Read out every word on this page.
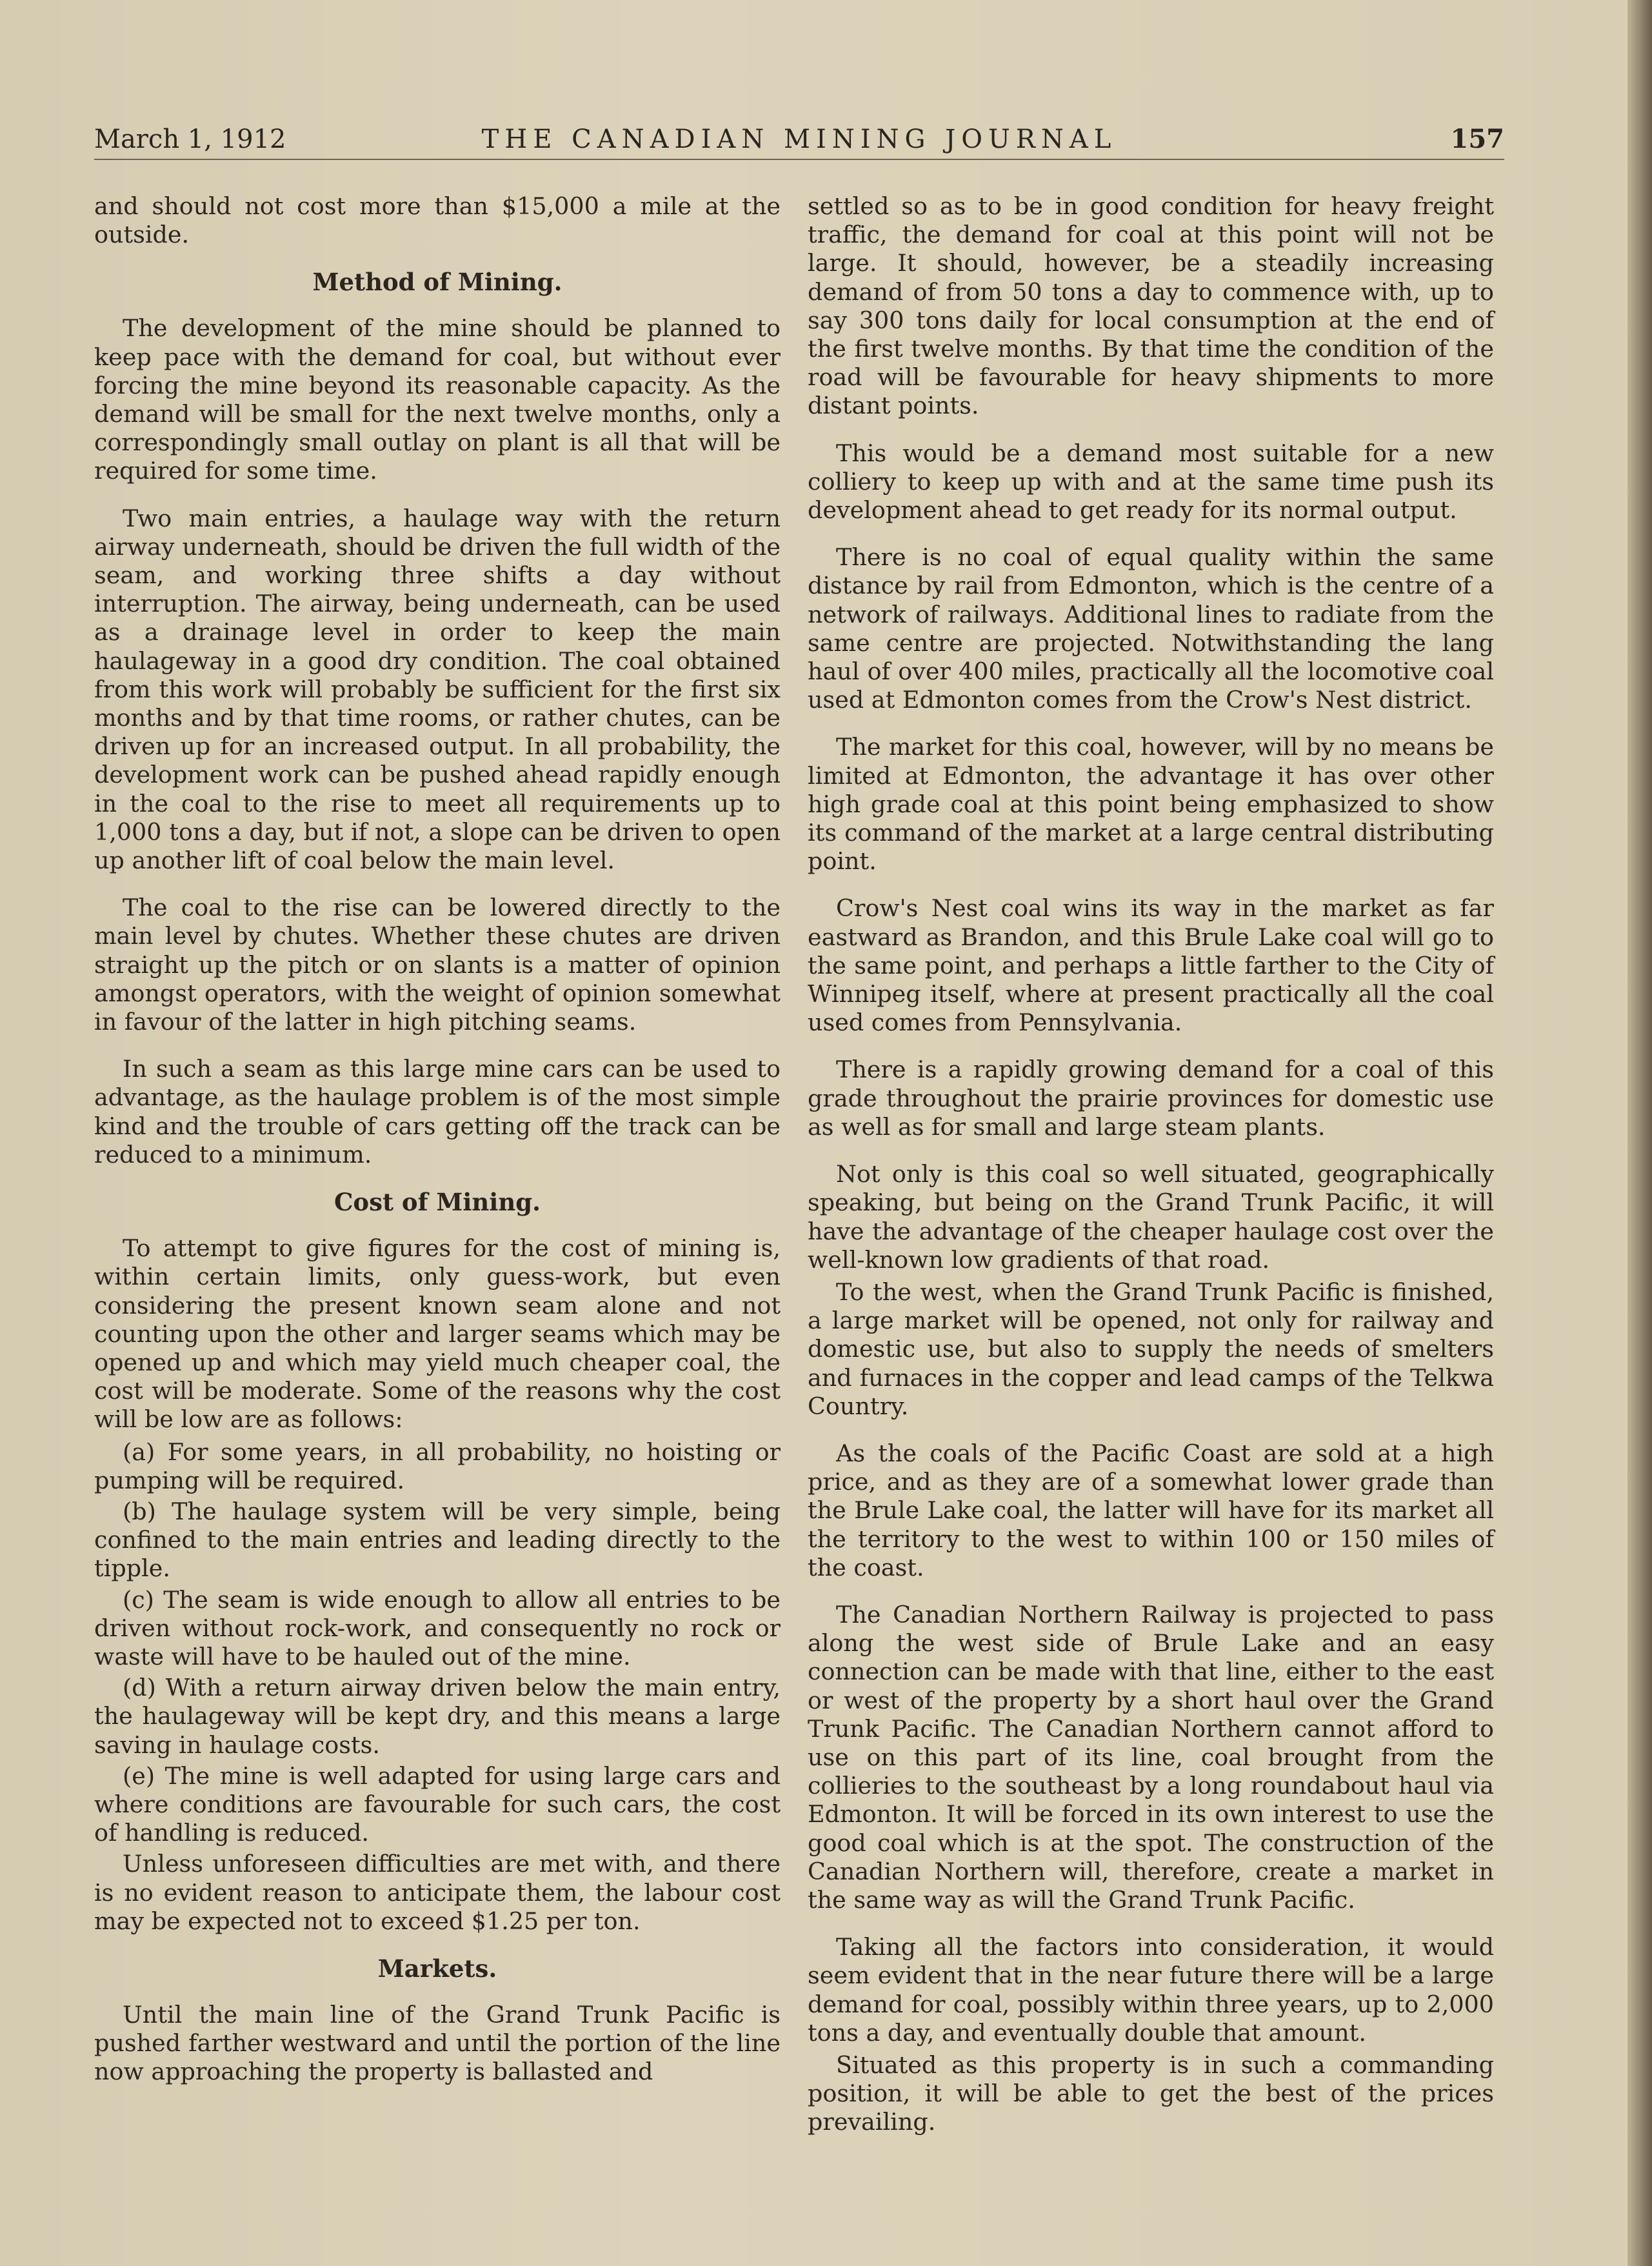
March 1, 1912	THE CANADIAN MINING JOURNAL	157

and should not cost more than $15,000 a mile at the outside.

Method of Mining.

The development of the mine should be planned to keep pace with the demand for coal, but without ever forcing the mine beyond its reasonable capacity. As the demand will be small for the next twelve months, only a correspondingly small outlay on plant is all that will be required for some time.

Two main entries, a haulage way with the return airway underneath, should be driven the full width of the seam, and working three shifts a day without interruption. The airway, being underneath, can be used as a drainage level in order to keep the main haulageway in a good dry condition. The coal obtained from this work will probably be sufficient for the first six months and by that time rooms, or rather chutes, can be driven up for an increased output. In all probability, the development work can be pushed ahead rapidly enough in the coal to the rise to meet all requirements up to 1,000 tons a day, but if not, a slope can be driven to open up another lift of coal below the main level.

The coal to the rise can be lowered directly to the main level by chutes. Whether these chutes are driven straight up the pitch or on slants is a matter of opinion amongst operators, with the weight of opinion somewhat in favour of the latter in high pitching seams.

In such a seam as this large mine cars can be used to advantage, as the haulage problem is of the most simple kind and the trouble of cars getting off the track can be reduced to a minimum.

Cost of Mining.

To attempt to give figures for the cost of mining is, within certain limits, only guess-work, but even considering the present known seam alone and not counting upon the other and larger seams which may be opened up and which may yield much cheaper coal, the cost will be moderate. Some of the reasons why the cost will be low are as follows:

(a) For some years, in all probability, no hoisting or pumping will be required.

(b) The haulage system will be very simple, being confined to the main entries and leading directly to the tipple.

(c) The seam is wide enough to allow all entries to be driven without rock-work, and consequently no rock or waste will have to be hauled out of the mine.

(d) With a return airway driven below the main entry, the haulageway will be kept dry, and this means a large saving in haulage costs.

(e) The mine is well adapted for using large cars and where conditions are favourable for such cars, the cost of handling is reduced.

Unless unforeseen difficulties are met with, and there is no evident reason to anticipate them, the labour cost may be expected not to exceed $1.25 per ton.

Markets.

Until the main line of the Grand Trunk Pacific is pushed farther westward and until the portion of the line now approaching the property is ballasted and

settled so as to be in good condition for heavy freight traffic, the demand for coal at this point will not be large. It should, however, be a steadily increasing demand of from 50 tons a day to commence with, up to say 300 tons daily for local consumption at the end of the first twelve months. By that time the condition of the road will be favourable for heavy shipments to more distant points.

This would be a demand most suitable for a new colliery to keep up with and at the same time push its development ahead to get ready for its normal output.

There is no coal of equal quality within the same distance by rail from Edmonton, which is the centre of a network of railways. Additional lines to radiate from the same centre are projected. Notwithstanding the lang haul of over 400 miles, practically all the locomotive coal used at Edmonton comes from the Crow's Nest district.

The market for this coal, however, will by no means be limited at Edmonton, the advantage it has over other high grade coal at this point being emphasized to show its command of the market at a large central distributing point.

Crow's Nest coal wins its way in the market as far eastward as Brandon, and this Brule Lake coal will go to the same point, and perhaps a little farther to the City of Winnipeg itself, where at present practically all the coal used comes from Pennsylvania.

There is a rapidly growing demand for a coal of this grade throughout the prairie provinces for domestic use as well as for small and large steam plants.

Not only is this coal so well situated, geographically speaking, but being on the Grand Trunk Pacific, it will have the advantage of the cheaper haulage cost over the well-known low gradients of that road.

To the west, when the Grand Trunk Pacific is finished, a large market will be opened, not only for railway and domestic use, but also to supply the needs of smelters and furnaces in the copper and lead camps of the Telkwa Country.

As the coals of the Pacific Coast are sold at a high price, and as they are of a somewhat lower grade than the Brule Lake coal, the latter will have for its market all the territory to the west to within 100 or 150 miles of the coast.

The Canadian Northern Railway is projected to pass along the west side of Brule Lake and an easy connection can be made with that line, either to the east or west of the property by a short haul over the Grand Trunk Pacific. The Canadian Northern cannot afford to use on this part of its line, coal brought from the collieries to the southeast by a long roundabout haul via Edmonton. It will be forced in its own interest to use the good coal which is at the spot. The construction of the Canadian Northern will, therefore, create a market in the same way as will the Grand Trunk Pacific.

Taking all the factors into consideration, it would seem evident that in the near future there will be a large demand for coal, possibly within three years, up to 2,000 tons a day, and eventually double that amount.

Situated as this property is in such a commanding position, it will be able to get the best of the prices prevailing.
